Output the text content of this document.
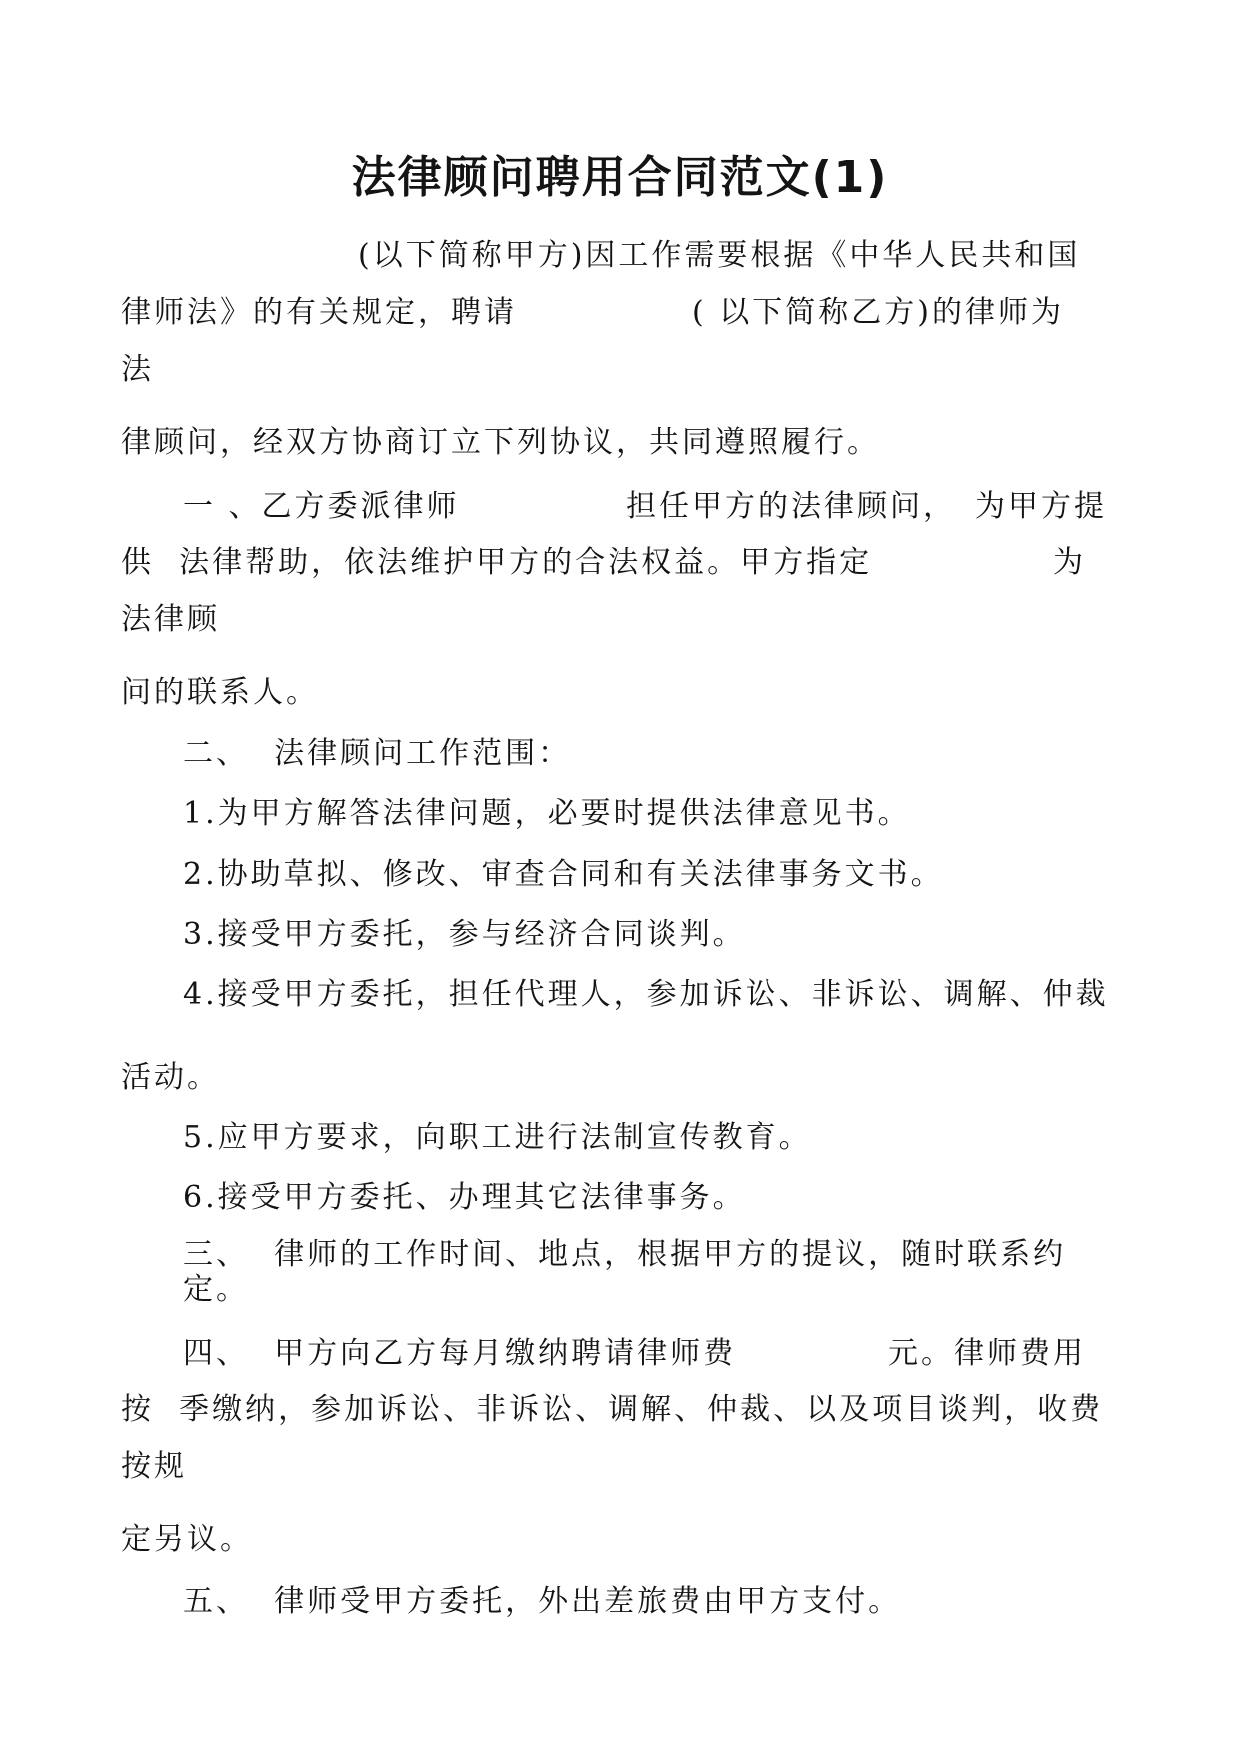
法律顾问聘用合同范文(1)
(以下简称甲方)因工作需要根据《中华人民共和国
律师法》的有关规定，聘请	( 以下简称乙方)的律师为
法
律顾问，经双方协商订立下列协议，共同遵照履行。
一 、乙方委派律师	担任甲方的法律顾问， 为甲方提
供  法律帮助，依法维护甲方的合法权益。甲方指定	为
法律顾
问的联系人。
二、  法律顾问工作范围：
1.为甲方解答法律问题，必要时提供法律意见书。
2.协助草拟、修改、审查合同和有关法律事务文书。
3.接受甲方委托，参与经济合同谈判。
4.接受甲方委托，担任代理人，参加诉讼、非诉讼、调解、仲裁
活动。
5.应甲方要求，向职工进行法制宣传教育。
6.接受甲方委托、办理其它法律事务。
三、  律师的工作时间、地点，根据甲方的提议，随时联系约
定。
四、  甲方向乙方每月缴纳聘请律师费	元。律师费用
按  季缴纳，参加诉讼、非诉讼、调解、仲裁、以及项目谈判，收费
按规
定另议。
五、  律师受甲方委托，外出差旅费由甲方支付。
